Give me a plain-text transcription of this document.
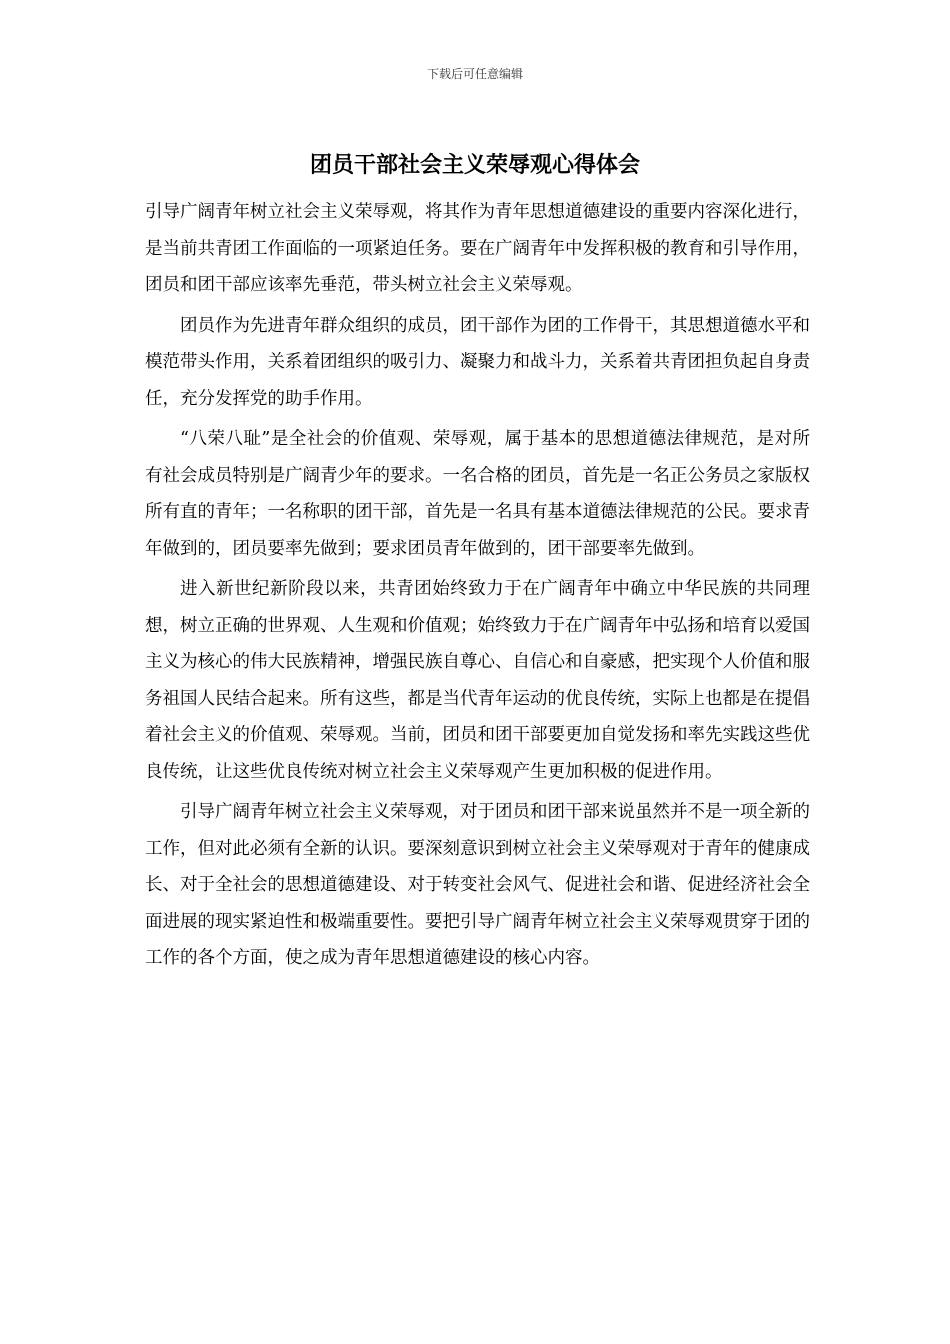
下载后可任意编辑
团员干部社会主义荣辱观心得体会

引导广阔青年树立社会主义荣辱观，将其作为青年思想道德建设的重要内容深化进行，是当前共青团工作面临的一项紧迫任务。要在广阔青年中发挥积极的教育和引导作用，团员和团干部应该率先垂范，带头树立社会主义荣辱观。

团员作为先进青年群众组织的成员，团干部作为团的工作骨干，其思想道德水平和模范带头作用，关系着团组织的吸引力、凝聚力和战斗力，关系着共青团担负起自身责任，充分发挥党的助手作用。

“八荣八耻”是全社会的价值观、荣辱观，属于基本的思想道德法律规范，是对所有社会成员特别是广阔青少年的要求。一名合格的团员，首先是一名正公务员之家版权所有直的青年；一名称职的团干部，首先是一名具有基本道德法律规范的公民。要求青年做到的，团员要率先做到；要求团员青年做到的，团干部要率先做到。

进入新世纪新阶段以来，共青团始终致力于在广阔青年中确立中华民族的共同理想，树立正确的世界观、人生观和价值观；始终致力于在广阔青年中弘扬和培育以爱国主义为核心的伟大民族精神，增强民族自尊心、自信心和自豪感，把实现个人价值和服务祖国人民结合起来。所有这些，都是当代青年运动的优良传统，实际上也都是在提倡着社会主义的价值观、荣辱观。当前，团员和团干部要更加自觉发扬和率先实践这些优良传统，让这些优良传统对树立社会主义荣辱观产生更加积极的促进作用。

引导广阔青年树立社会主义荣辱观，对于团员和团干部来说虽然并不是一项全新的工作，但对此必须有全新的认识。要深刻意识到树立社会主义荣辱观对于青年的健康成长、对于全社会的思想道德建设、对于转变社会风气、促进社会和谐、促进经济社会全面进展的现实紧迫性和极端重要性。要把引导广阔青年树立社会主义荣辱观贯穿于团的工作的各个方面，使之成为青年思想道德建设的核心内容。
